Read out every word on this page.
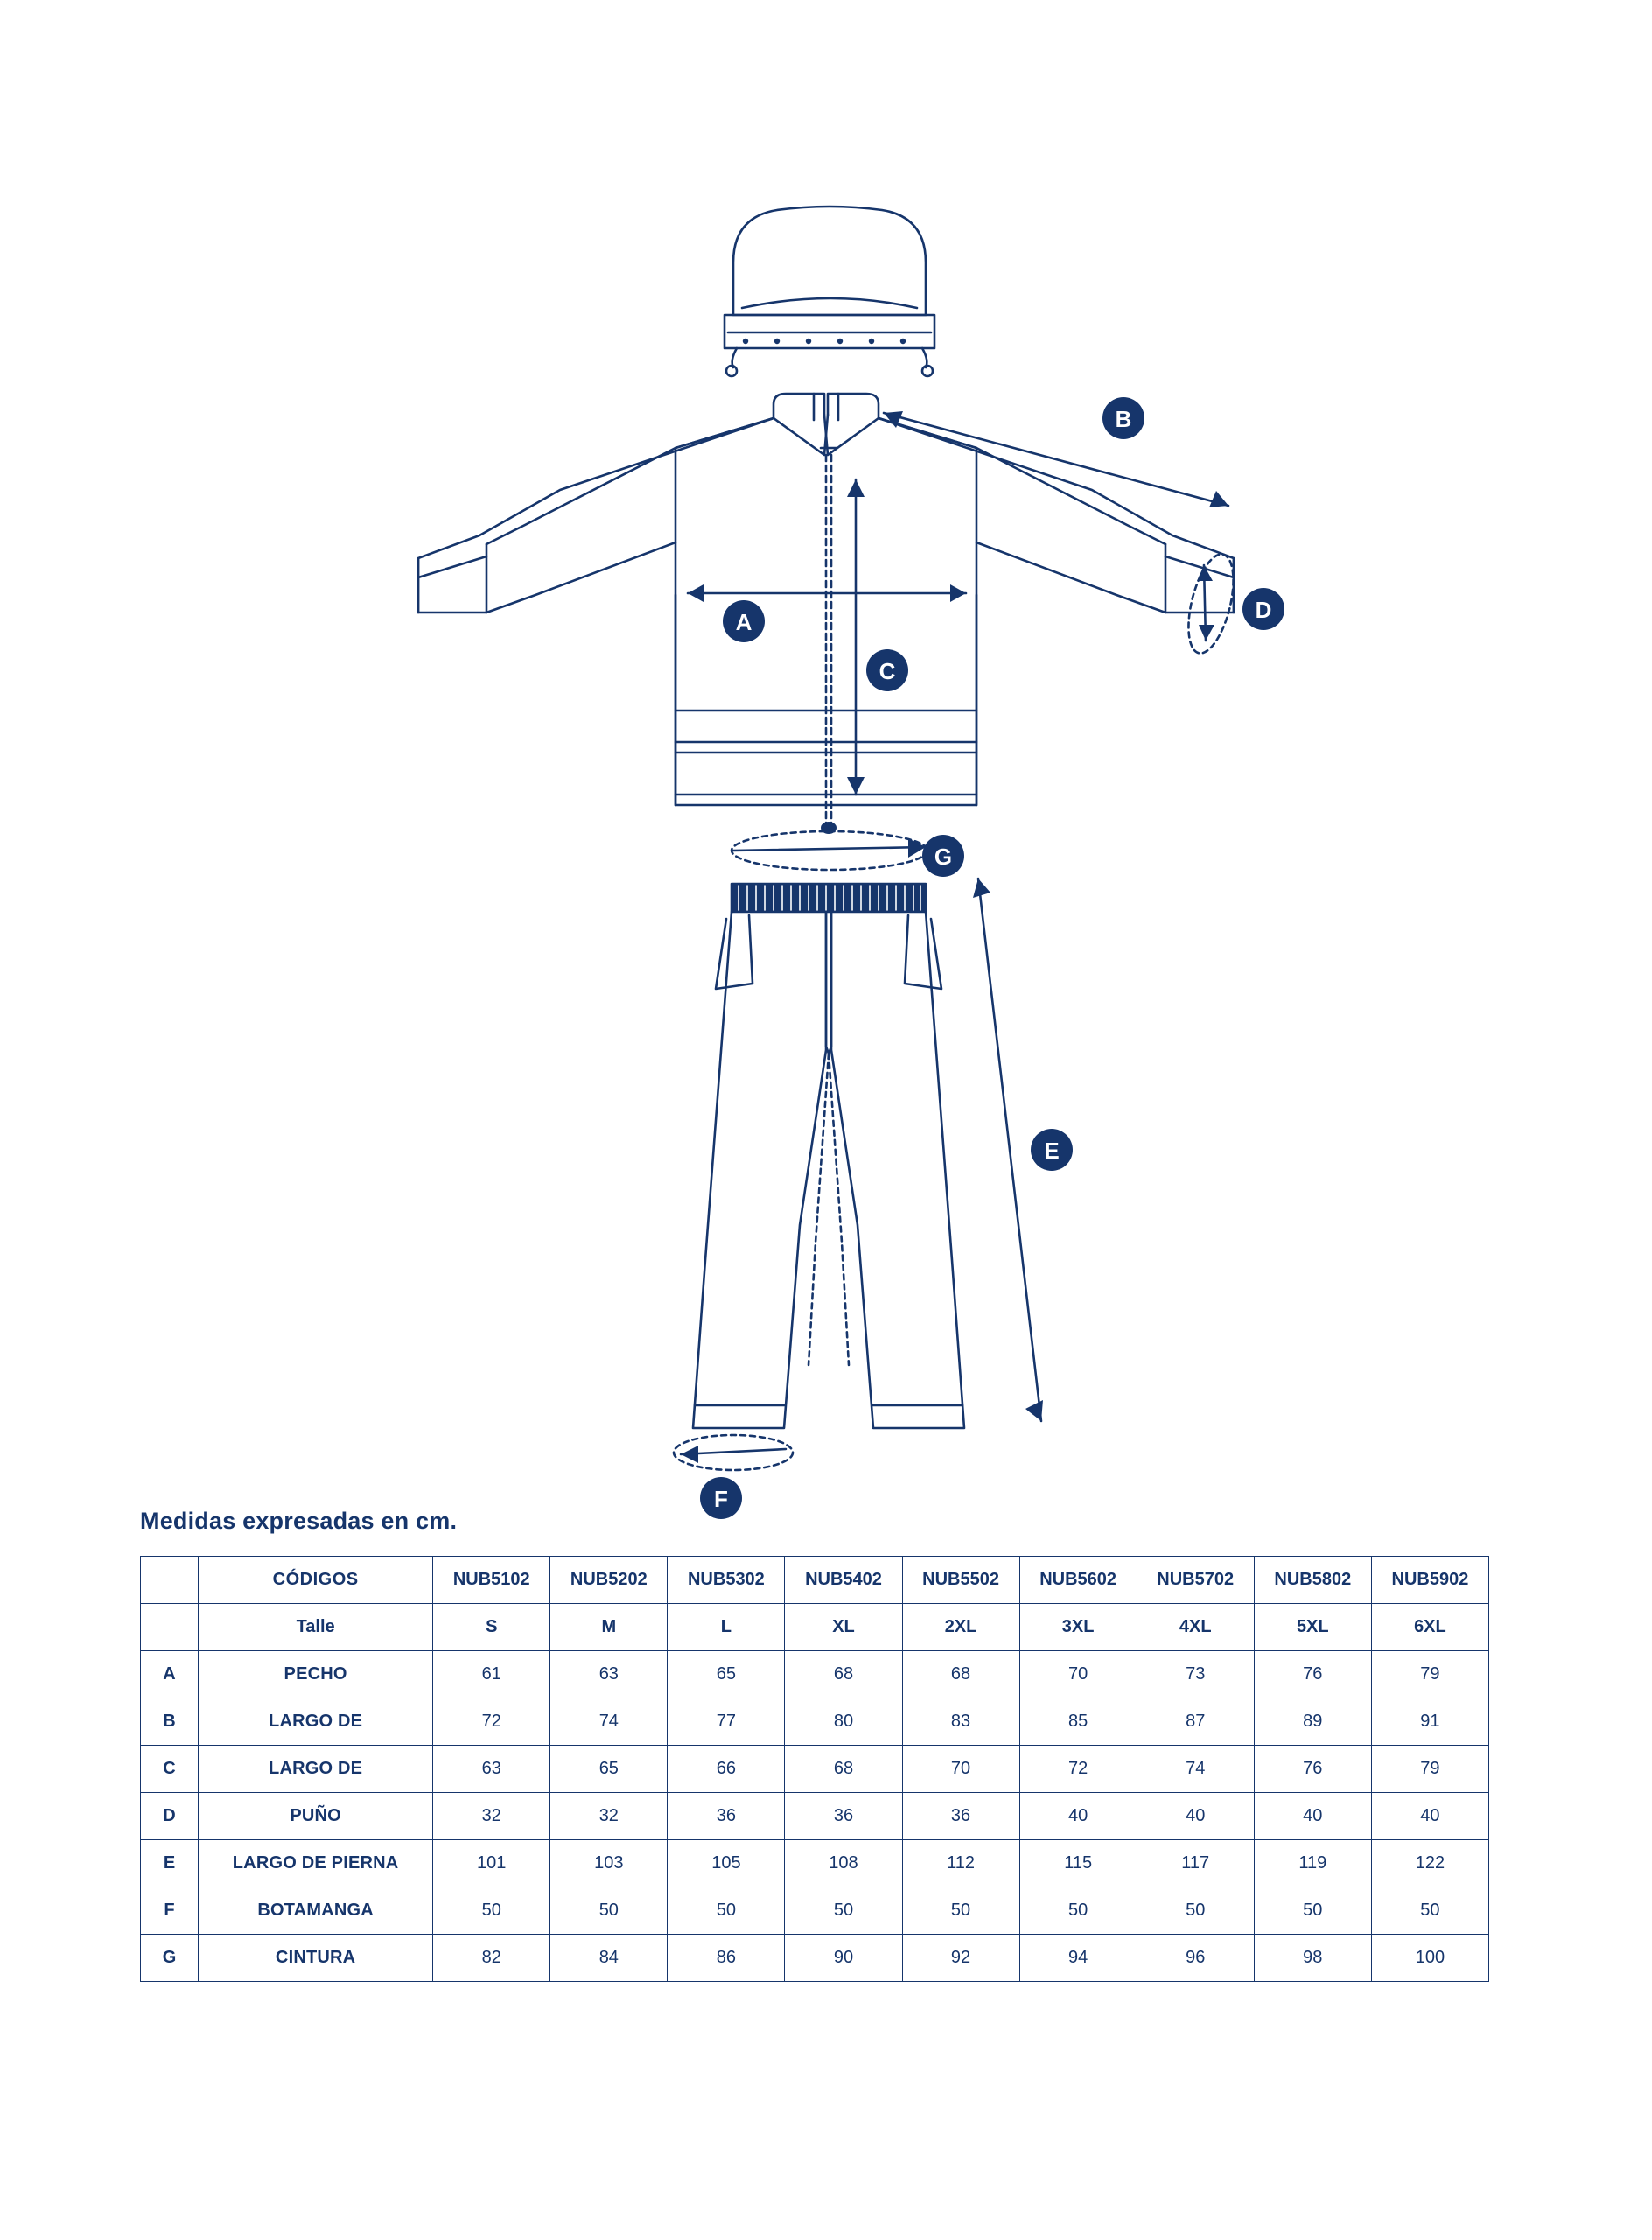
A
B
C
D
E
F
G
Medidas expresadas en cm.
	CÓDIGOS	NUB5102	NUB5202	NUB5302	NUB5402	NUB5502	NUB5602	NUB5702	NUB5802	NUB5902
	Talle	S	M	L	XL	2XL	3XL	4XL	5XL	6XL
A	PECHO	61	63	65	68	68	70	73	76	79
B	LARGO DE	72	74	77	80	83	85	87	89	91
C	LARGO DE	63	65	66	68	70	72	74	76	79
D	PUÑO	32	32	36	36	36	40	40	40	40
E	LARGO DE PIERNA	101	103	105	108	112	115	117	119	122
F	BOTAMANGA	50	50	50	50	50	50	50	50	50
G	CINTURA	82	84	86	90	92	94	96	98	100
